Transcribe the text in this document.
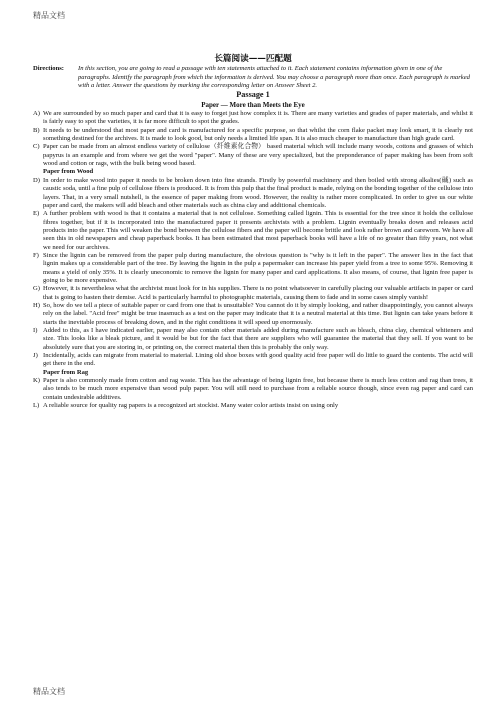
精品文档
长篇阅读——匹配题
Directions:	In this section, you are going to read a passage with ten statements attached to it. Each statement contains information given in one of the paragraphs. Identify the paragraph from which the information is derived. You may choose a paragraph more than once. Each paragraph is marked with a letter. Answer the questions by marking the corresponding letter on Answer Sheet 2.
Passage 1
Paper — More than Meets the Eye
A) We are surrounded by so much paper and card that it is easy to forget just how complex it is. There are many varieties and grades of paper materials, and whilst it is fairly easy to spot the varieties, it is far more difficult to spot the grades.
B) It needs to be understood that most paper and card is manufactured for a specific purpose, so that whilst the corn flake packet may look smart, it is clearly not something destined for the archives. It is made to look good, but only needs a limited life span. It is also much cheaper to manufacture than high grade card.
C) Paper can be made from an almost endless variety of cellulose（纤维素化合物） based material which will include many woods, cottons and grasses of which papyrus is an example and from where we get the word "paper". Many of these are very specialized, but the preponderance of paper making has been from soft wood and cotton or rags, with the bulk being wood based.
Paper from Wood
D) In order to make wood into paper it needs to be broken down into fine strands. Firstly by powerful machinery and then boiled with strong alkalies(碱) such as caustic soda, until a fine pulp of cellulose fibers is produced. It is from this pulp that the final product is made, relying on the bonding together of the cellulose into layers. That, in a very small nutshell, is the essence of paper making from wood. However, the reality is rather more complicated. In order to give us our white paper and card, the makers will add bleach and other materials such as china clay and additional chemicals.
E) A further problem with wood is that it contains a material that is not cellulose. Something called lignin. This is essential for the tree since it holds the cellulose fibres together, but if it is incorporated into the manufactured paper it presents archivists with a problem. Lignin eventually breaks down and releases acid products into the paper. This will weaken the bond between the cellulose fibers and the paper will become brittle and look rather brown and careworn. We have all seen this in old newspapers and cheap paperback books. It has been estimated that most paperback books will have a life of no greater than fifty years, not what we need for our archives.
F) Since the lignin can be removed from the paper pulp during manufacture, the obvious question is "why is it left in the paper". The answer lies in the fact that lignin makes up a considerable part of the tree. By leaving the lignin in the pulp a papermaker can increase his paper yield from a tree to some 95%. Removing it means a yield of only 35%. It is clearly uneconomic to remove the lignin for many paper and card applications. It also means, of course, that lignin free paper is going to be more expensive.
G) However, it is nevertheless what the archivist must look for in his supplies. There is no point whatsoever in carefully placing our valuable artifacts in paper or card that is going to hasten their demise. Acid is particularly harmful to photographic materials, causing them to fade and in some cases simply vanish!
H) So, how do we tell a piece of suitable paper or card from one that is unsuitable? You cannot do it by simply looking, and rather disappointingly, you cannot always rely on the label. "Acid free" might be true inasmuch as a test on the paper may indicate that it is a neutral material at this time. But lignin can take years before it starts the inevitable process of breaking down, and in the right conditions it will speed up enormously.
I) Added to this, as I have indicated earlier, paper may also contain other materials added during manufacture such as bleach, china clay, chemical whiteners and size. This looks like a bleak picture, and it would be but for the fact that there are suppliers who will guarantee the material that they sell. If you want to be absolutely sure that you are storing in, or printing on, the correct material then this is probably the only way.
J) Incidentally, acids can migrate from material to material. Lining old shoe boxes with good quality acid free paper will do little to guard the contents. The acid will get there in the end.
Paper from Rag
K) Paper is also commonly made from cotton and rag waste. This has the advantage of being lignin free, but because there is much less cotton and rag than trees, it also tends to be much more expensive than wood pulp paper. You will still need to purchase from a reliable source though, since even rag paper and card can contain undesirable additives.
L) A reliable source for quality rag papers is a recognized art stockist. Many water color artists insist on using only
精品文档
